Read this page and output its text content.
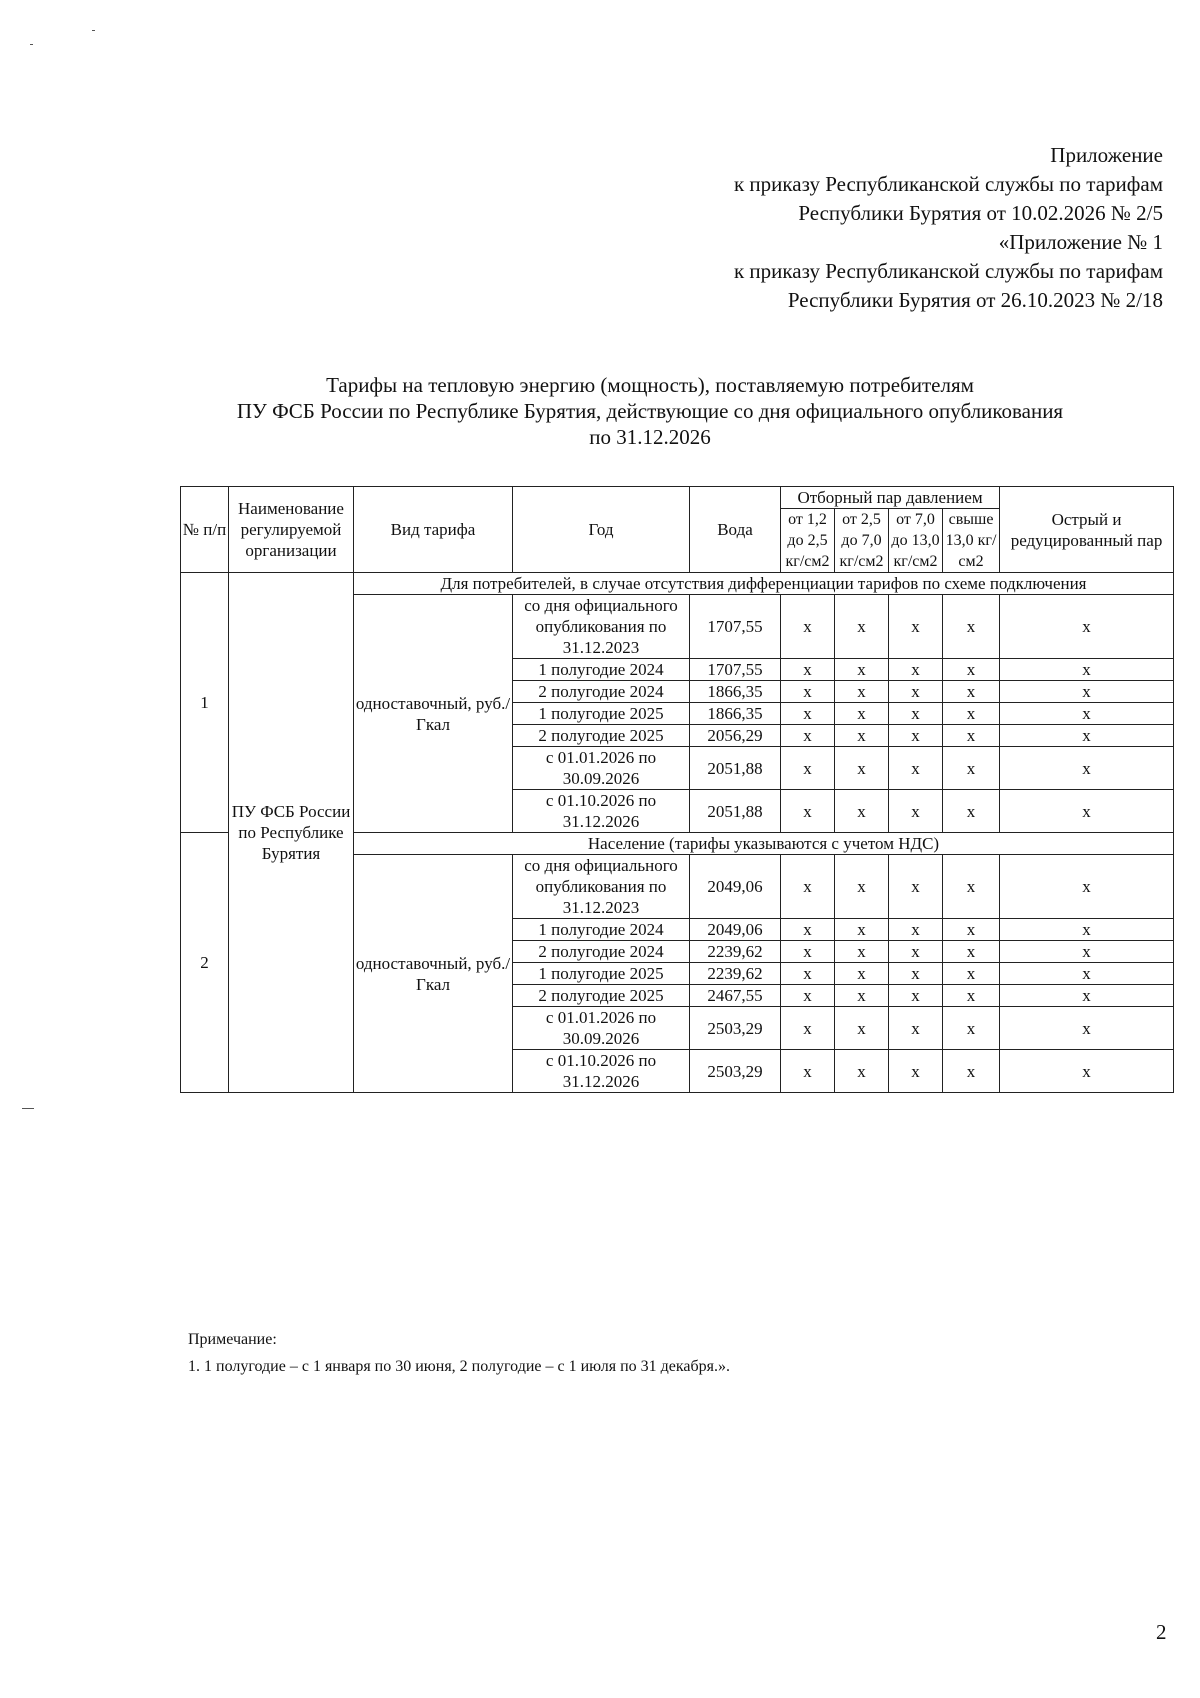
Приложение
к приказу Республиканской службы по тарифам
Республики Бурятия от 10.02.2026 № 2/5
«Приложение № 1
к приказу Республиканской службы по тарифам
Республики Бурятия от 26.10.2023 № 2/18
Тарифы на тепловую энергию (мощность), поставляемую потребителям
ПУ ФСБ России по Республике Бурятия, действующие со дня официального опубликования
по 31.12.2026
№ п/п	Наименование регулируемой организации	Вид тарифа	Год	Вода	Отборный пар давлением				Острый и редуцированный пар
					от 1,2 до 2,5 кг/см2	от 2,5 до 7,0 кг/см2	от 7,0 до 13,0 кг/см2	свыше 13,0 кг/см2	
1	ПУ ФСБ России по Республике Бурятия	Для потребителей, в случае отсутствия дифференциации тарифов по схеме подключения							
		одноставочный, руб./Гкал	со дня официального опубликования по 31.12.2023	1707,55	х	х	х	х	х
			1 полугодие 2024	1707,55	х	х	х	х	х
			2 полугодие 2024	1866,35	х	х	х	х	х
			1 полугодие 2025	1866,35	х	х	х	х	х
			2 полугодие 2025	2056,29	х	х	х	х	х
			с 01.01.2026 по 30.09.2026	2051,88	х	х	х	х	х
			с 01.10.2026 по 31.12.2026	2051,88	х	х	х	х	х
2		Население (тарифы указываются с учетом НДС)							
		одноставочный, руб./Гкал	со дня официального опубликования по 31.12.2023	2049,06	х	х	х	х	х
			1 полугодие 2024	2049,06	х	х	х	х	х
			2 полугодие 2024	2239,62	х	х	х	х	х
			1 полугодие 2025	2239,62	х	х	х	х	х
			2 полугодие 2025	2467,55	х	х	х	х	х
			с 01.01.2026 по 30.09.2026	2503,29	х	х	х	х	х
			с 01.10.2026 по 31.12.2026	2503,29	х	х	х	х	х
Примечание:
1. 1 полугодие – с 1 января по 30 июня, 2 полугодие – с 1 июля по 31 декабря.».
2
